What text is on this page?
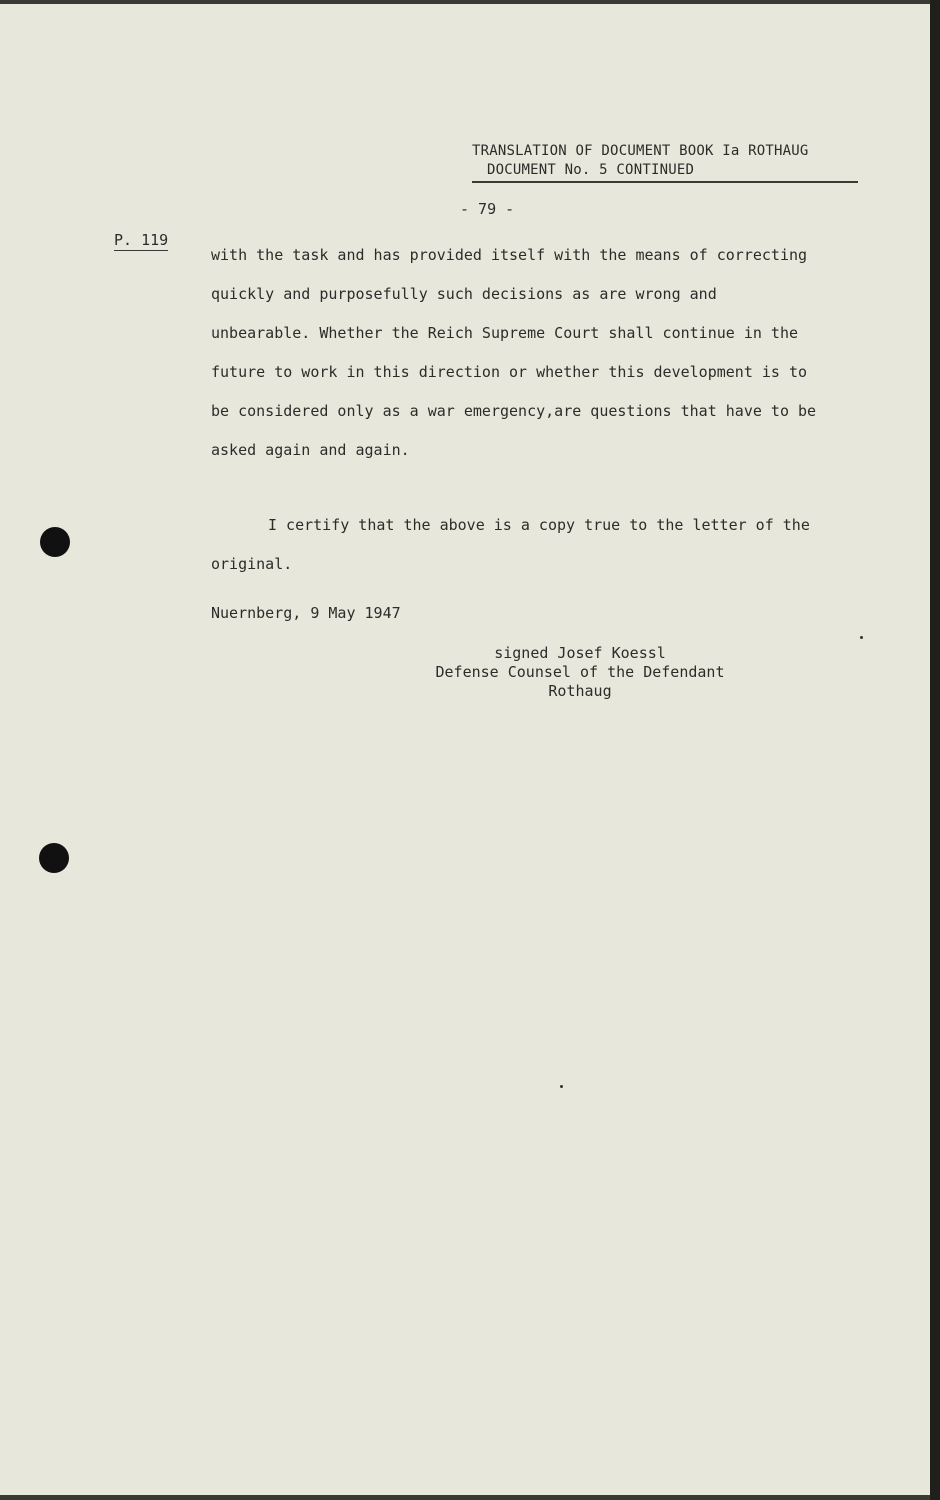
TRANSLATION OF DOCUMENT BOOK Ia ROTHAUG
DOCUMENT No. 5 CONTINUED
- 79 -
P. 119
with the task and has provided itself with the means of correcting
quickly and purposefully such decisions as are wrong and
unbearable. Whether the Reich Supreme Court shall continue in the
future to work in this direction or whether this development is to
be considered only as a war emergency,are questions that have to be
asked again and again.
I certify that the above is a copy true to the letter of the
original.
Nuernberg, 9 May 1947
signed Josef Koessl
Defense Counsel of the Defendant
Rothaug
